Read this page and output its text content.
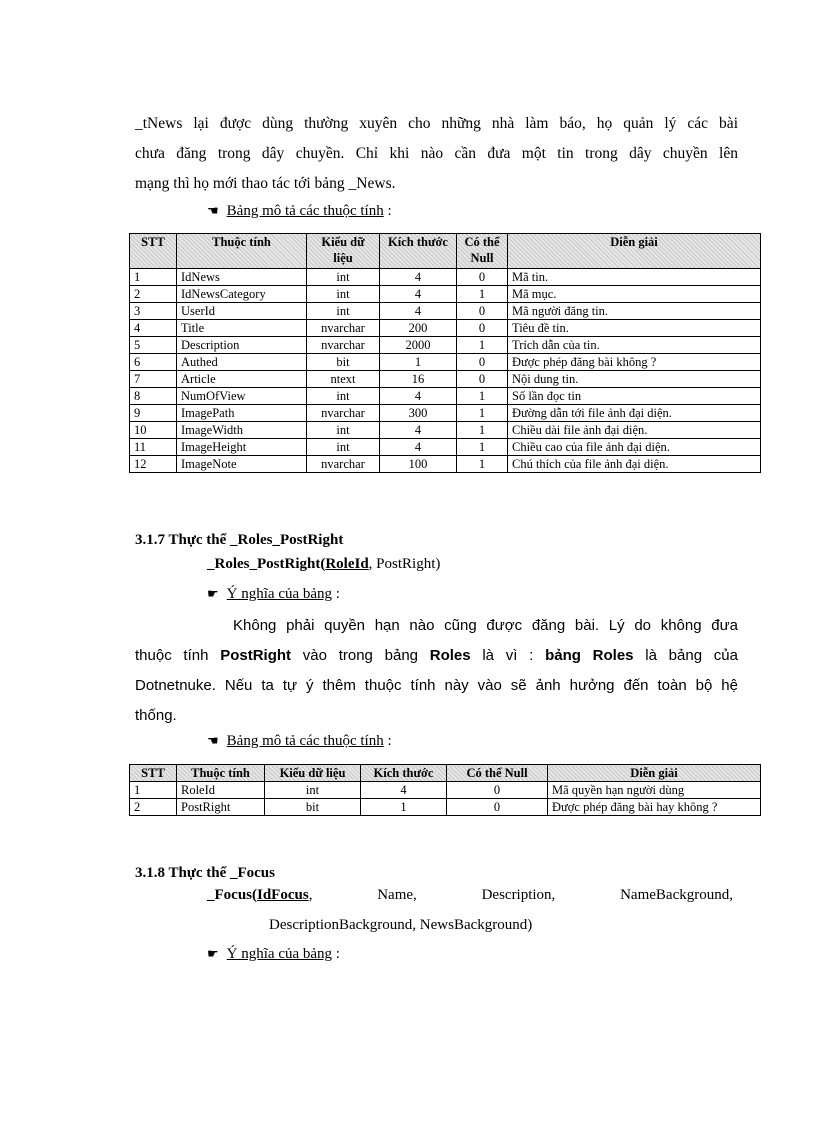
_tNews lại được dùng thường xuyên cho những nhà làm báo, họ quản lý các bài
chưa đăng trong dây chuyền. Chỉ khi nào cần đưa một tin trong dây chuyền lên
mạng thì họ mới thao tác tới bảng _News.
☚ Bảng mô tả các thuộc tính :
STT	Thuộc tính	Kiểu dữ liệu	Kích thước	Có thể Null	Diễn giải
1	IdNews	int	4	0	Mã tin.
2	IdNewsCategory	int	4	1	Mã mục.
3	UserId	int	4	0	Mã người đăng tin.
4	Title	nvarchar	200	0	Tiêu đề tin.
5	Description	nvarchar	2000	1	Trích dẫn của tin.
6	Authed	bit	1	0	Được phép đăng bài không ?
7	Article	ntext	16	0	Nội dung tin.
8	NumOfView	int	4	1	Số lần đọc tin
9	ImagePath	nvarchar	300	1	Đường dẫn tới file ảnh đại diện.
10	ImageWidth	int	4	1	Chiều dài file ảnh đại diện.
11	ImageHeight	int	4	1	Chiều cao của file ảnh đại diện.
12	ImageNote	nvarchar	100	1	Chú thích của file ảnh đại diện.
3.1.7 Thực thể _Roles_PostRight
_Roles_PostRight(RoleId, PostRight)
☛ Ý nghĩa của bảng :
Không phải quyền hạn nào cũng được đăng bài. Lý do không đưa
thuộc tính PostRight vào trong bảng Roles là vì : bảng Roles là bảng của
Dotnetnuke. Nếu ta tự ý thêm thuộc tính này vào sẽ ảnh hưởng đến toàn bộ hệ
thống.
☚ Bảng mô tả các thuộc tính :
STT	Thuộc tính	Kiểu dữ liệu	Kích thước	Có thể Null	Diễn giải
1	RoleId	int	4	0	Mã quyền hạn người dùng
2	PostRight	bit	1	0	Được phép đăng bài hay không ?
3.1.8 Thực thể _Focus
_Focus(IdFocus,	Name,	Description,	NameBackground,
DescriptionBackground, NewsBackground)
☛ Ý nghĩa của bảng :
